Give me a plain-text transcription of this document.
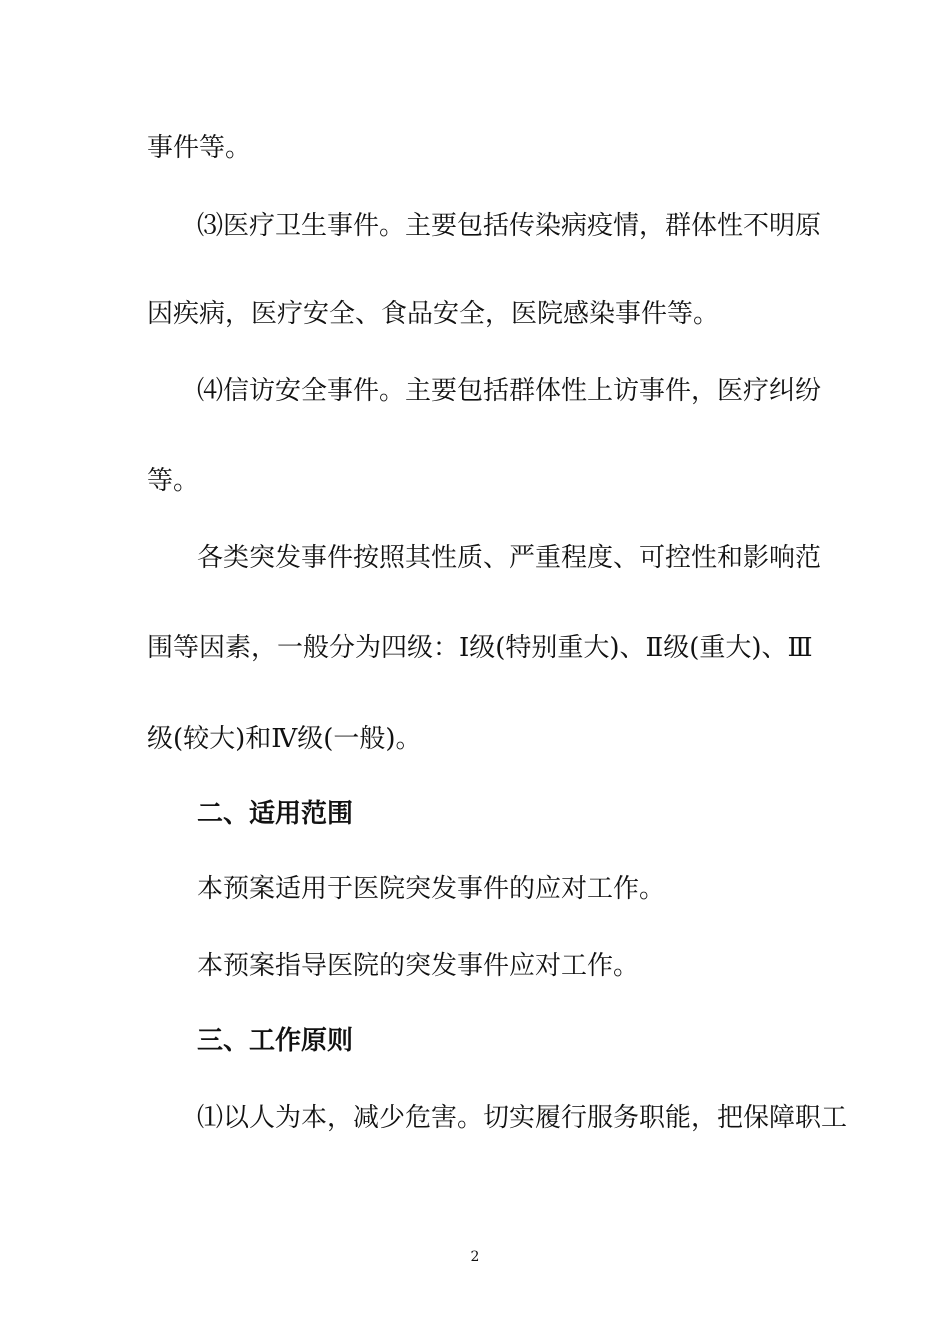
事件等。
⑶医疗卫生事件。主要包括传染病疫情，群体性不明原
因疾病，医疗安全、食品安全，医院感染事件等。
⑷信访安全事件。主要包括群体性上访事件，医疗纠纷
等。
各类突发事件按照其性质、严重程度、可控性和影响范
围等因素，一般分为四级：Ⅰ级(特别重大)、Ⅱ级(重大)、Ⅲ
级(较大)和Ⅳ级(一般)。
二、适用范围
本预案适用于医院突发事件的应对工作。
本预案指导医院的突发事件应对工作。
三、工作原则
⑴以人为本，减少危害。切实履行服务职能，把保障职工
2
